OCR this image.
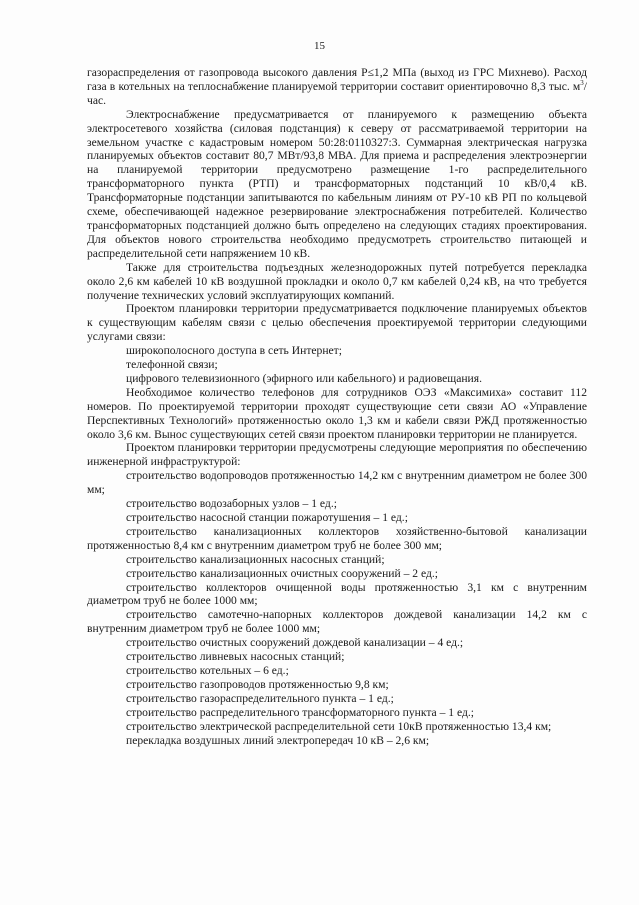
15

газораспределения от газопровода высокого давления P≤1,2 МПа (выход из ГРС Михнево). Расход газа в котельных на теплоснабжение планируемой территории составит ориентировочно 8,3 тыс. $м^3$/час.

Электроснабжение предусматривается от планируемого к размещению объекта электросетевого хозяйства (силовая подстанция) к северу от рассматриваемой территории на земельном участке с кадастровым номером 50:28:0110327:3. Суммарная электрическая нагрузка планируемых объектов составит 80,7 МВт/93,8 МВА. Для приема и распределения электроэнергии на планируемой территории предусмотрено размещение 1-го распределительного трансформаторного пункта (РТП) и трансформаторных подстанций 10 кВ/0,4 кВ. Трансформаторные подстанции запитываются по кабельным линиям от РУ-10 кВ РП по кольцевой схеме, обеспечивающей надежное резервирование электроснабжения потребителей. Количество трансформаторных подстанцией должно быть определено на следующих стадиях проектирования. Для объектов нового строительства необходимо предусмотреть строительство питающей и распределительной сети напряжением 10 кВ.

Также для строительства подъездных железнодорожных путей потребуется перекладка около 2,6 км кабелей 10 кВ воздушной прокладки и около 0,7 км кабелей 0,24 кВ, на что требуется получение технических условий эксплуатирующих компаний.

Проектом планировки территории предусматривается подключение планируемых объектов к существующим кабелям связи с целью обеспечения проектируемой территории следующими услугами связи:

широкополосного доступа в сеть Интернет;

телефонной связи;

цифрового телевизионного (эфирного или кабельного) и радиовещания.

Необходимое количество телефонов для сотрудников ОЭЗ «Максимиха» составит 112 номеров. По проектируемой территории проходят существующие сети связи АО «Управление Перспективных Технологий» протяженностью около 1,3 км и кабели связи РЖД протяженностью около 3,6 км. Вынос существующих сетей связи проектом планировки территории не планируется.

Проектом планировки территории предусмотрены следующие мероприятия по обеспечению инженерной инфраструктурой:

строительство водопроводов протяженностью 14,2 км с внутренним диаметром не более 300 мм;

строительство водозаборных узлов – 1 ед.;

строительство насосной станции пожаротушения – 1 ед.;

строительство канализационных коллекторов хозяйственно-бытовой канализации протяженностью 8,4 км с внутренним диаметром труб не более 300 мм;

строительство канализационных насосных станций;

строительство канализационных очистных сооружений – 2 ед.;

строительство коллекторов очищенной воды протяженностью 3,1 км с внутренним диаметром труб не более 1000 мм;

строительство самотечно-напорных коллекторов дождевой канализации 14,2 км с внутренним диаметром труб не более 1000 мм;

строительство очистных сооружений дождевой канализации – 4 ед.;

строительство ливневых насосных станций;

строительство котельных – 6 ед.;

строительство газопроводов протяженностью 9,8 км;

строительство газораспределительного пункта – 1 ед.;

строительство распределительного трансформаторного пункта – 1 ед.;

строительство электрической распределительной сети 10кВ протяженностью 13,4 км;

перекладка воздушных линий электропередач 10 кВ – 2,6 км;
